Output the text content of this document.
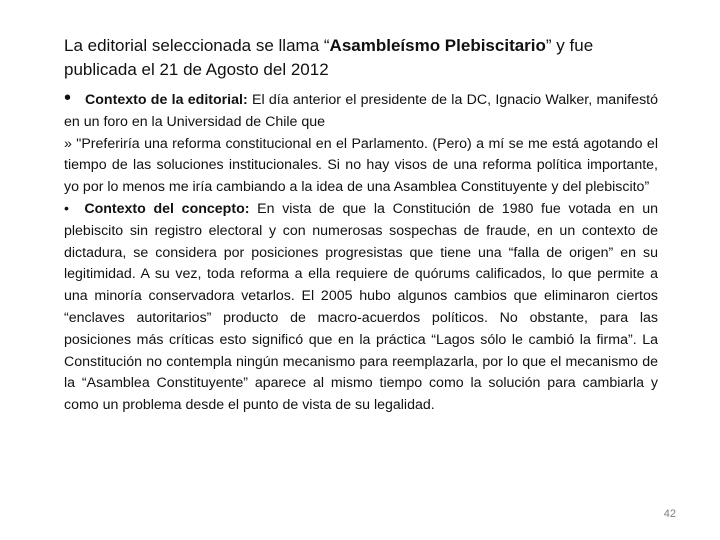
La editorial seleccionada se llama “Asambleísmo Plebiscitario” y fue publicada el 21 de Agosto del 2012
• Contexto de la editorial: El día anterior el presidente de la DC, Ignacio Walker, manifestó en un foro en la Universidad de Chile que
» "Preferiría una reforma constitucional en el Parlamento. (Pero) a mí se me está agotando el tiempo de las soluciones institucionales. Si no hay visos de una reforma política importante, yo por lo menos me iría cambiando a la idea de una Asamblea Constituyente y del plebiscito”
• Contexto del concepto: En vista de que la Constitución de 1980 fue votada en un plebiscito sin registro electoral y con numerosas sospechas de fraude, en un contexto de dictadura, se considera por posiciones progresistas que tiene una “falla de origen” en su legitimidad. A su vez, toda reforma a ella requiere de quórums calificados, lo que permite a una minoría conservadora vetarlos. El 2005 hubo algunos cambios que eliminaron ciertos “enclaves autoritarios” producto de macro-acuerdos políticos. No obstante, para las posiciones más críticas esto significó que en la práctica “Lagos sólo le cambió la firma”. La Constitución no contempla ningún mecanismo para reemplazarla, por lo que el mecanismo de la “Asamblea Constituyente” aparece al mismo tiempo como la solución para cambiarla y como un problema desde el punto de vista de su legalidad.
42
